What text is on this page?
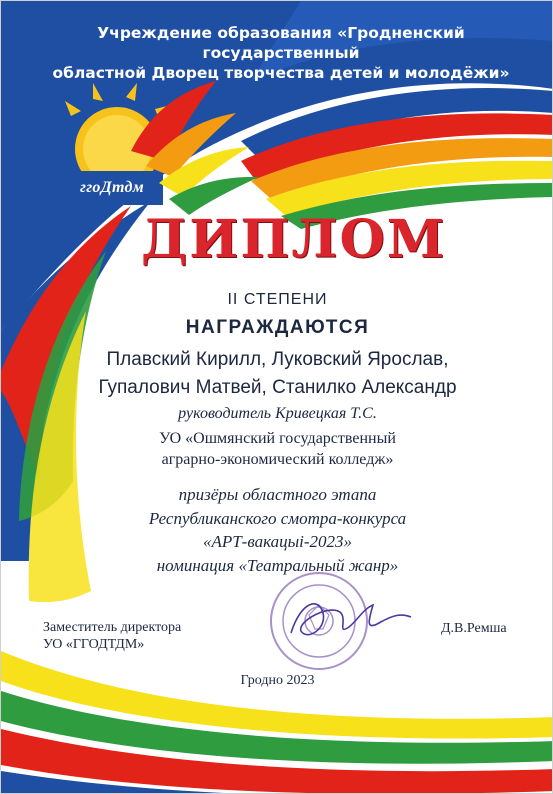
Учреждение образования «Гродненский государственный
областной Дворец творчества детей и молодёжи»
ггоДтдм
ДИПЛОМ
II СТЕПЕНИ
НАГРАЖДАЮТСЯ
Плавский Кирилл, Луковский Ярослав,
Гупалович Матвей, Станилко Александр
руководитель Кривецкая Т.С.
УО «Ошмянский государственный
аграрно-экономический колледж»
призёры областного этапа
Республиканского смотра-конкурса
«АРТ-вакацыі-2023»
номинация «Театральный жанр»
Заместитель директора
УО «ГГОДТДМ»
Д.В.Ремша
Гродно 2023
